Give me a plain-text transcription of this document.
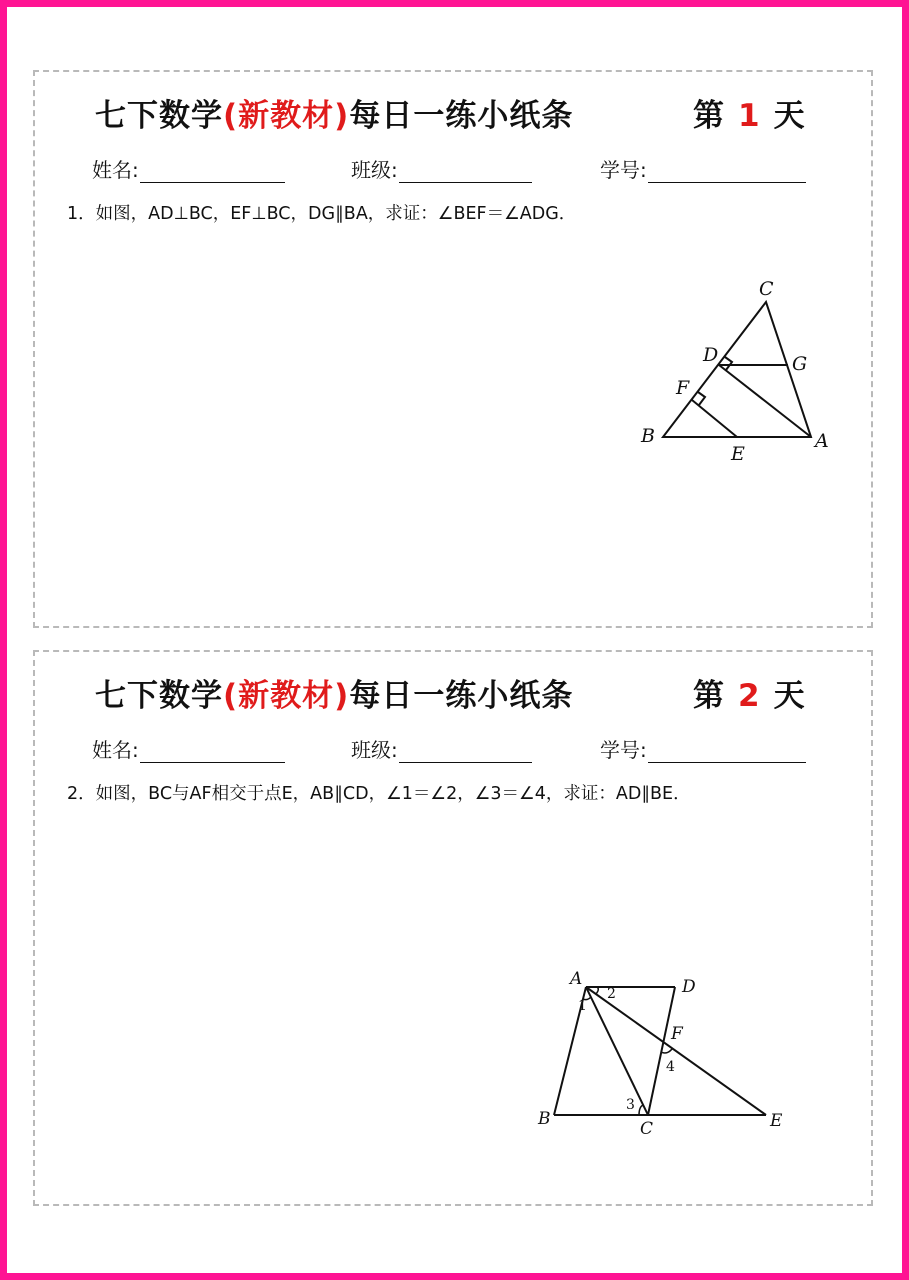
七下数学(新教材)每日一练小纸条	第 1 天
姓名:	班级:	学号:
1．如图，AD⊥BC，EF⊥BC，DG∥BA，求证：∠BEF＝∠ADG．
C
D	G
F
B
E
A
七下数学(新教材)每日一练小纸条	第 2 天
姓名:	班级:	学号:
2．如图，BC与AF相交于点E，AB∥CD，∠1＝∠2，∠3＝∠4，求证：AD∥BE．
A	D
F
B	C	E
1
2
3
4
